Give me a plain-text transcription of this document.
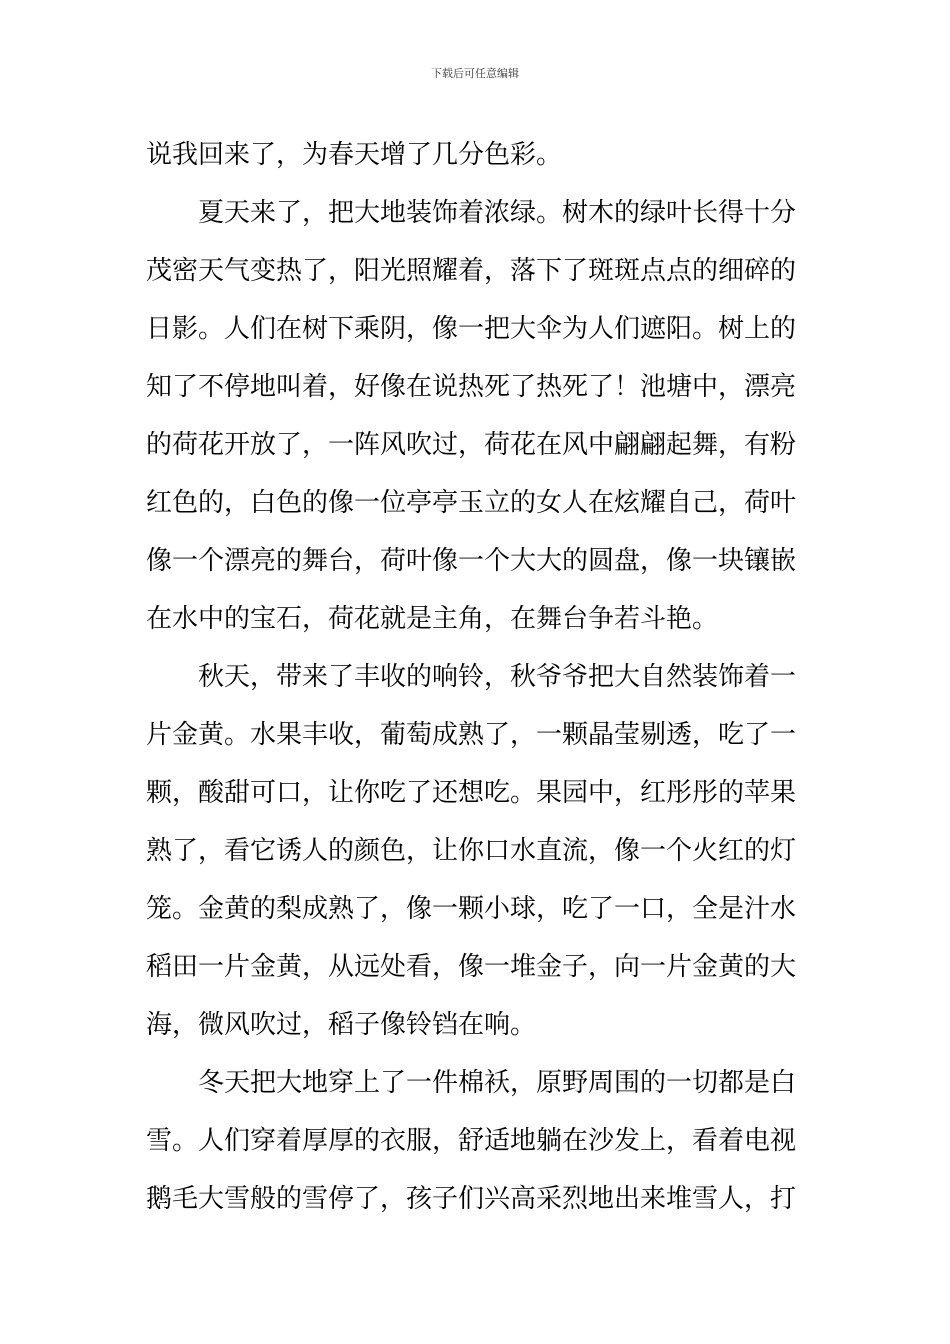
下载后可任意编辑
说我回来了，为春天增了几分色彩。
夏天来了，把大地装饰着浓绿。树木的绿叶长得十分
茂密天气变热了，阳光照耀着，落下了斑斑点点的细碎的
日影。人们在树下乘阴，像一把大伞为人们遮阳。树上的
知了不停地叫着，好像在说热死了热死了！池塘中，漂亮
的荷花开放了，一阵风吹过，荷花在风中翩翩起舞，有粉
红色的，白色的像一位亭亭玉立的女人在炫耀自己，荷叶
像一个漂亮的舞台，荷叶像一个大大的圆盘，像一块镶嵌
在水中的宝石，荷花就是主角，在舞台争若斗艳。
秋天，带来了丰收的响铃，秋爷爷把大自然装饰着一
片金黄。水果丰收，葡萄成熟了，一颗晶莹剔透，吃了一
颗，酸甜可口，让你吃了还想吃。果园中，红彤彤的苹果
熟了，看它诱人的颜色，让你口水直流，像一个火红的灯
笼。金黄的梨成熟了，像一颗小球，吃了一口，全是汁水
稻田一片金黄，从远处看，像一堆金子，向一片金黄的大
海，微风吹过，稻子像铃铛在响。
冬天把大地穿上了一件棉袄，原野周围的一切都是白
雪。人们穿着厚厚的衣服，舒适地躺在沙发上，看着电视
鹅毛大雪般的雪停了，孩子们兴高采烈地出来堆雪人，打
